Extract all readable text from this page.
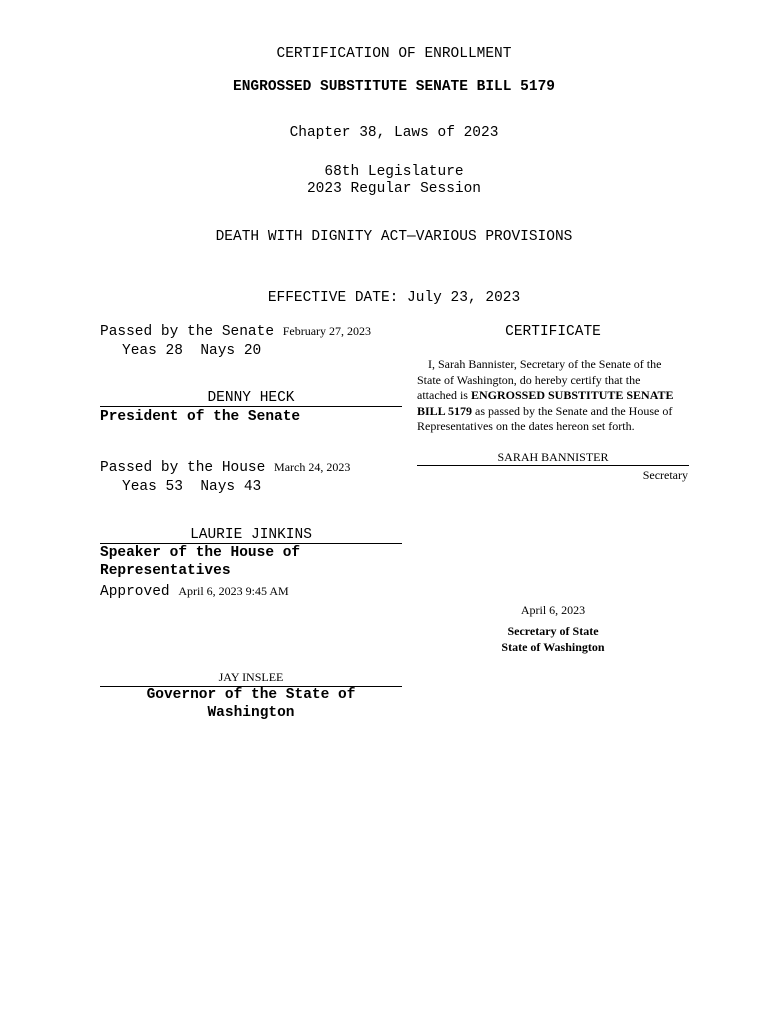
CERTIFICATION OF ENROLLMENT
ENGROSSED SUBSTITUTE SENATE BILL 5179
Chapter 38, Laws of 2023
68th Legislature
2023 Regular Session
DEATH WITH DIGNITY ACT—VARIOUS PROVISIONS
EFFECTIVE DATE: July 23, 2023
Passed by the Senate February 27, 2023
Yeas 28 Nays 20
DENNY HECK
President of the Senate
Passed by the House March 24, 2023
Yeas 53 Nays 43
LAURIE JINKINS
Speaker of the House of
Representatives
Approved April 6, 2023 9:45 AM
JAY INSLEE
Governor of the State of
Washington
CERTIFICATE
I, Sarah Bannister, Secretary of the Senate of the
State of Washington, do hereby certify that the
attached is ENGROSSED SUBSTITUTE SENATE
BILL 5179 as passed by the Senate and the House of
Representatives on the dates hereon set forth.
SARAH BANNISTER
Secretary
April 6, 2023
Secretary of State
State of Washington
